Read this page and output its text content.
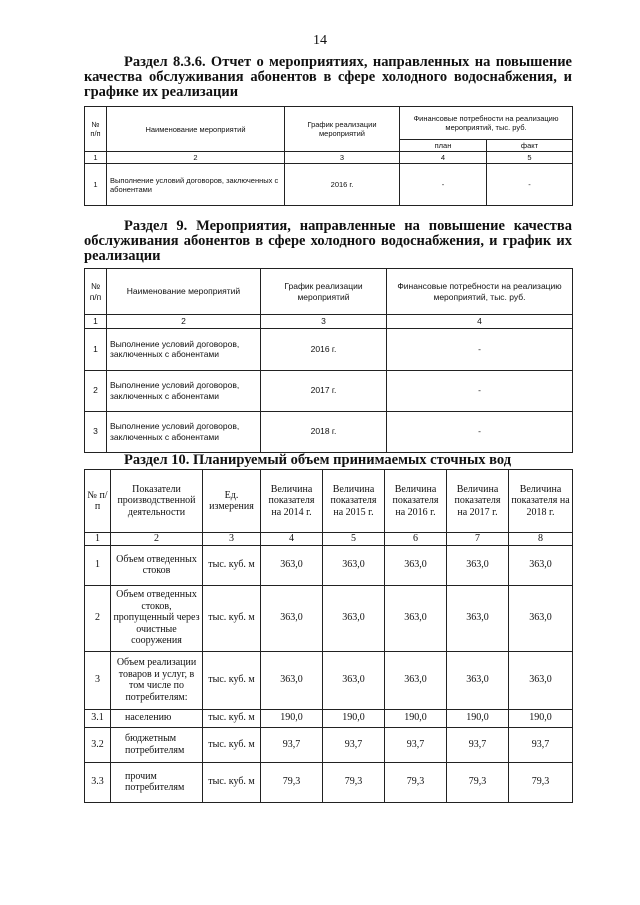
14
Раздел 8.3.6. Отчет о мероприятиях, направленных на повышение качества обслуживания абонентов в сфере холодного водоснабжения, и графике их реализации
№ п/п	Наименование мероприятий	График реализации мероприятий	Финансовые потребности на реализацию мероприятий, тыс. руб.	
			план	факт
1	2	3	4	5
1	Выполнение условий договоров, заключенных с абонентами	2016 г.	-	-
Раздел 9. Мероприятия, направленные на повышение качества обслуживания абонентов в сфере холодного водоснабжения, и график их реализации
№ п/п	Наименование мероприятий	График реализации мероприятий	Финансовые потребности на реализацию мероприятий, тыс. руб.
1	2	3	4
1	Выполнение условий договоров, заключенных с абонентами	2016 г.	-
2	Выполнение условий договоров, заключенных с абонентами	2017 г.	-
3	Выполнение условий договоров, заключенных с абонентами	2018 г.	-
Раздел 10. Планируемый объем принимаемых сточных вод
№ п/п	Показатели производственной деятельности	Ед. измерения	Величина показателя на 2014 г.	Величина показателя на 2015 г.	Величина показателя на 2016 г.	Величина показателя на 2017 г.	Величина показателя на 2018 г.
1	2	3	4	5	6	7	8
1	Объем отведенных стоков	тыс. куб. м	363,0	363,0	363,0	363,0	363,0
2	Объем отведенных стоков, пропущенный через очистные сооружения	тыс. куб. м	363,0	363,0	363,0	363,0	363,0
3	Объем реализации товаров и услуг, в том числе по потребителям:	тыс. куб. м	363,0	363,0	363,0	363,0	363,0
3.1	населению	тыс. куб. м	190,0	190,0	190,0	190,0	190,0
3.2	бюджетным потребителям	тыс. куб. м	93,7	93,7	93,7	93,7	93,7
3.3	прочим потребителям	тыс. куб. м	79,3	79,3	79,3	79,3	79,3
